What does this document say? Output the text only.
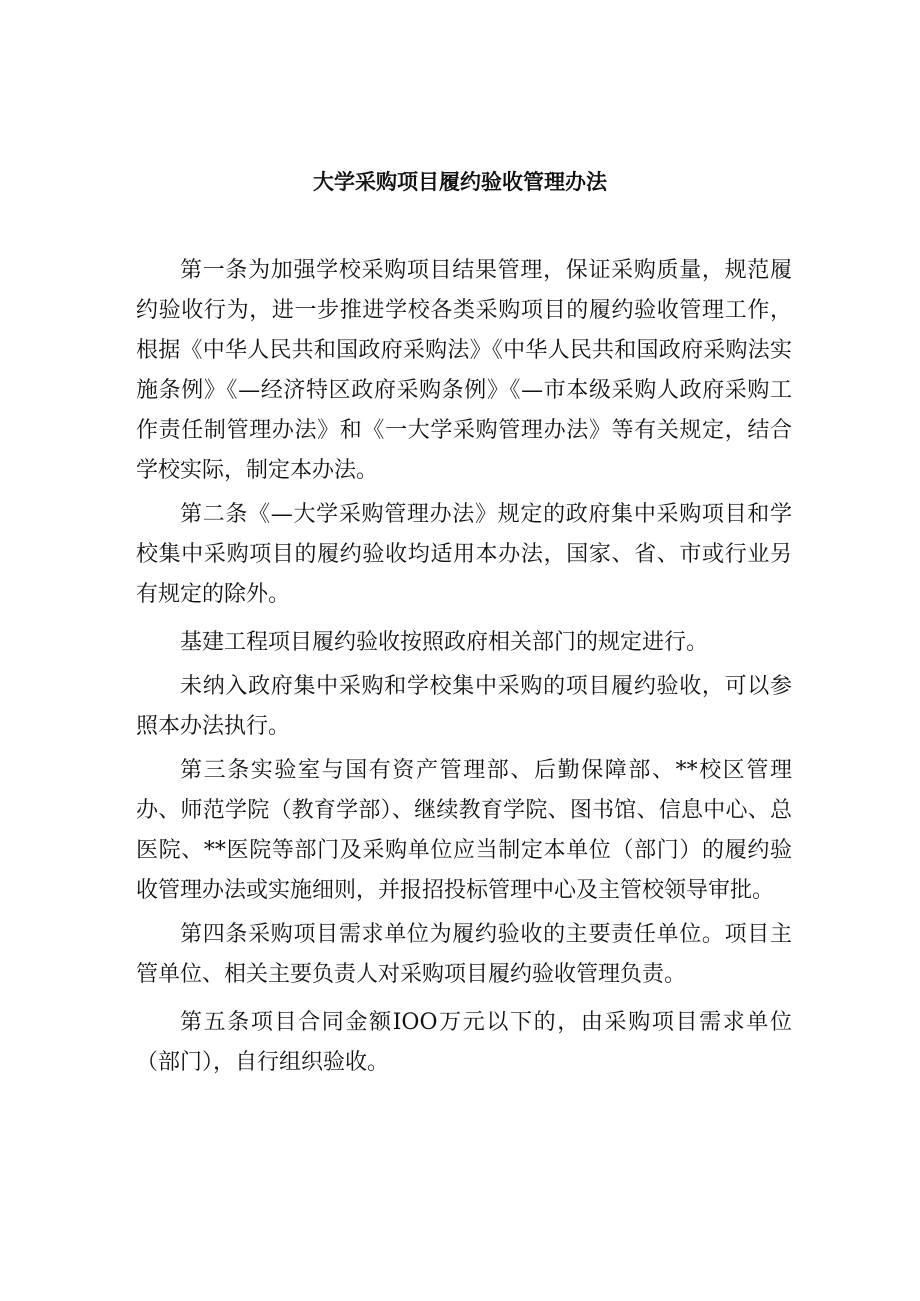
大学采购项目履约验收管理办法

第一条为加强学校采购项目结果管理，保证采购质量，规范履约验收行为，进一步推进学校各类采购项目的履约验收管理工作，根据《中华人民共和国政府采购法》《中华人民共和国政府采购法实施条例》《—经济特区政府采购条例》《—市本级采购人政府采购工作责任制管理办法》和《一大学采购管理办法》等有关规定，结合学校实际，制定本办法。

第二条《—大学采购管理办法》规定的政府集中采购项目和学校集中采购项目的履约验收均适用本办法，国家、省、市或行业另有规定的除外。

基建工程项目履约验收按照政府相关部门的规定进行。

未纳入政府集中采购和学校集中采购的项目履约验收，可以参照本办法执行。

第三条实验室与国有资产管理部、后勤保障部、**校区管理办、师范学院（教育学部）、继续教育学院、图书馆、信息中心、总医院、**医院等部门及采购单位应当制定本单位（部门）的履约验收管理办法或实施细则，并报招投标管理中心及主管校领导审批。

第四条采购项目需求单位为履约验收的主要责任单位。项目主管单位、相关主要负责人对采购项目履约验收管理负责。

第五条项目合同金额IOO万元以下的，由采购项目需求单位（部门），自行组织验收。
